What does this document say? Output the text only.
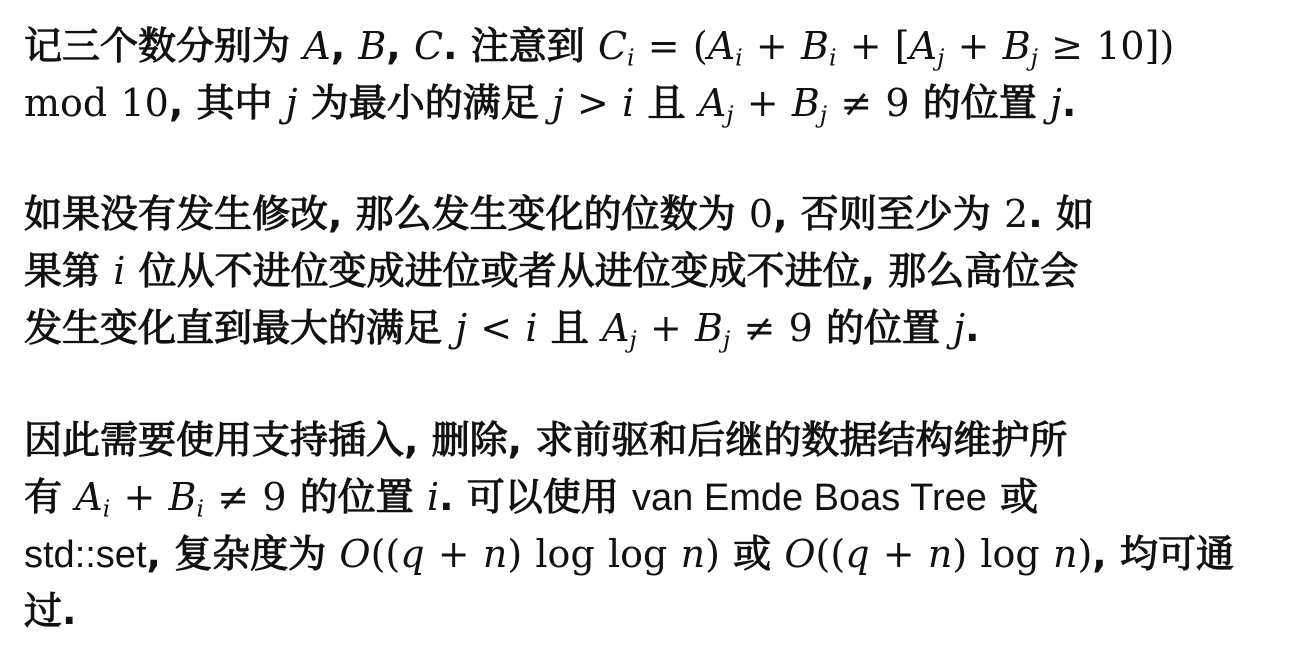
记三个数分别为 A, B, C. 注意到 $C_i = (A_i + B_i + [A_j + B_j \ge 10])$
mod 10, 其中 j 为最小的满足 j > i 且 $A_j + B_j \ne 9$ 的位置 j.

如果没有发生修改, 那么发生变化的位数为 0, 否则至少为 2. 如
果第 i 位从不进位变成进位或者从进位变成不进位, 那么高位会
发生变化直到最大的满足 j < i 且 $A_j + B_j \ne 9$ 的位置 j.

因此需要使用支持插入, 删除, 求前驱和后继的数据结构维护所
有 $A_i + B_i \ne 9$ 的位置 i. 可以使用 van Emde Boas Tree 或
std::set, 复杂度为 O((q + n) log log n) 或 O((q + n) log n), 均可通
过.
